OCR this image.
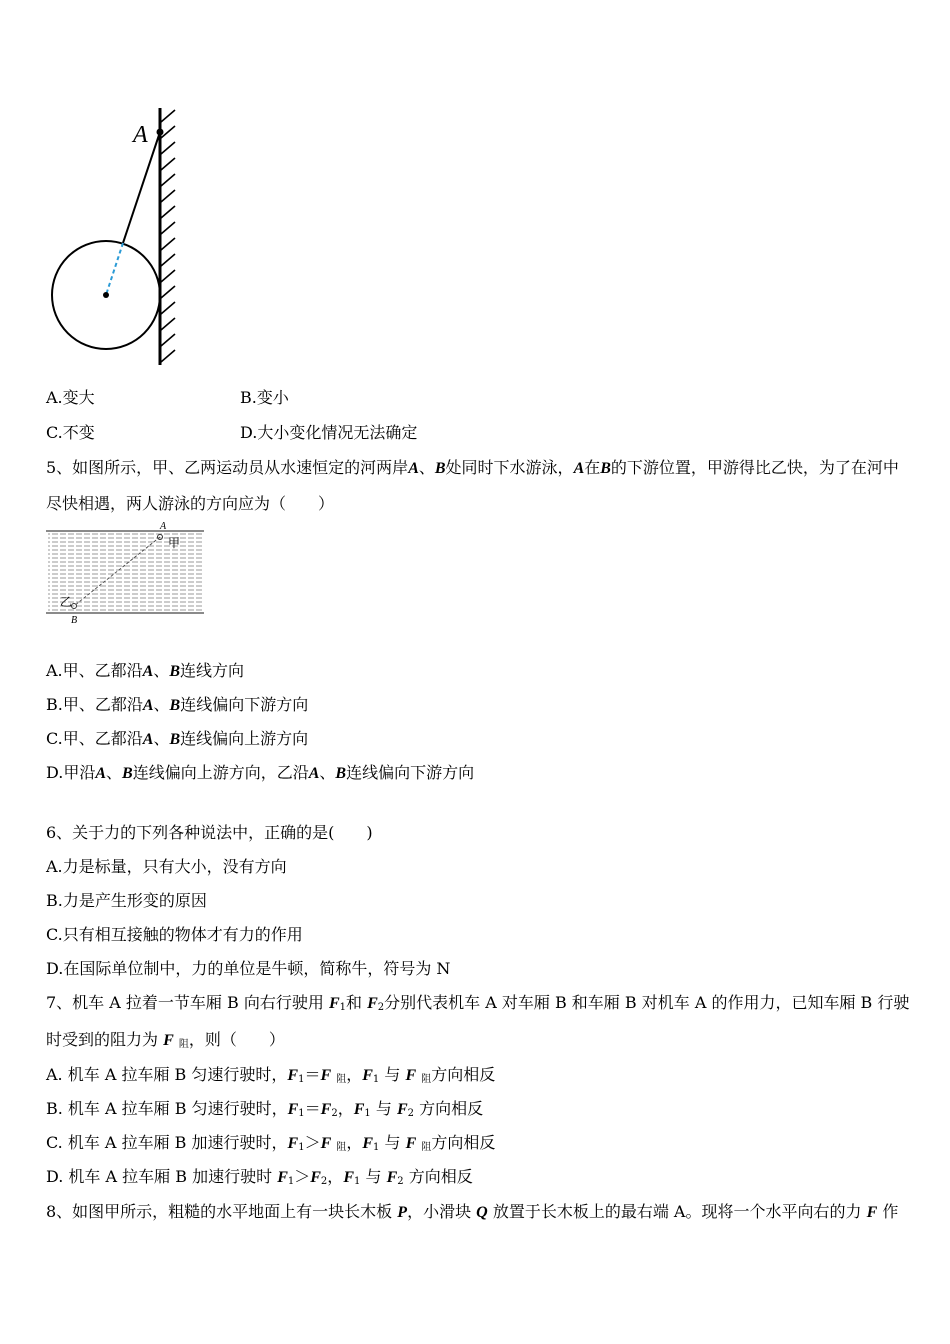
A
A.变大	B.变小
C.不变	D.大小变化情况无法确定
5、如图所示，甲、乙两运动员从水速恒定的河两岸A、B处同时下水游泳，A在B的下游位置，甲游得比乙快，为了在河中
尽快相遇，两人游泳的方向应为（　　）
A
甲
乙
B
A.甲、乙都沿A、B连线方向
B.甲、乙都沿A、B连线偏向下游方向
C.甲、乙都沿A、B连线偏向上游方向
D.甲沿A、B连线偏向上游方向，乙沿A、B连线偏向下游方向
6、关于力的下列各种说法中，正确的是(　　)
A.力是标量，只有大小，没有方向
B.力是产生形变的原因
C.只有相互接触的物体才有力的作用
D.在国际单位制中，力的单位是牛顿，简称牛，符号为 N
7、机车 A 拉着一节车厢 B 向右行驶用 $F_1$和 $F_2$分别代表机车 A 对车厢 B 和车厢 B 对机车 A 的作用力，已知车厢 B 行驶
时受到的阻力为 F $_阻$，则（　　）
A. 机车 A 拉车厢 B 匀速行驶时，$F_1=F$ $_阻$，$F_1$ 与 F $_阻$方向相反
B. 机车 A 拉车厢 B 匀速行驶时，$F_1=F_2$，$F_1$ 与 $F_2$ 方向相反
C. 机车 A 拉车厢 B 加速行驶时，$F_1>F$ $_阻$，$F_1$ 与 F $_阻$方向相反
D. 机车 A 拉车厢 B 加速行驶时 $F_1>F_2$，$F_1$ 与 $F_2$ 方向相反
8、如图甲所示，粗糙的水平地面上有一块长木板 P，小滑块 Q 放置于长木板上的最右端 A。现将一个水平向右的力 F 作
